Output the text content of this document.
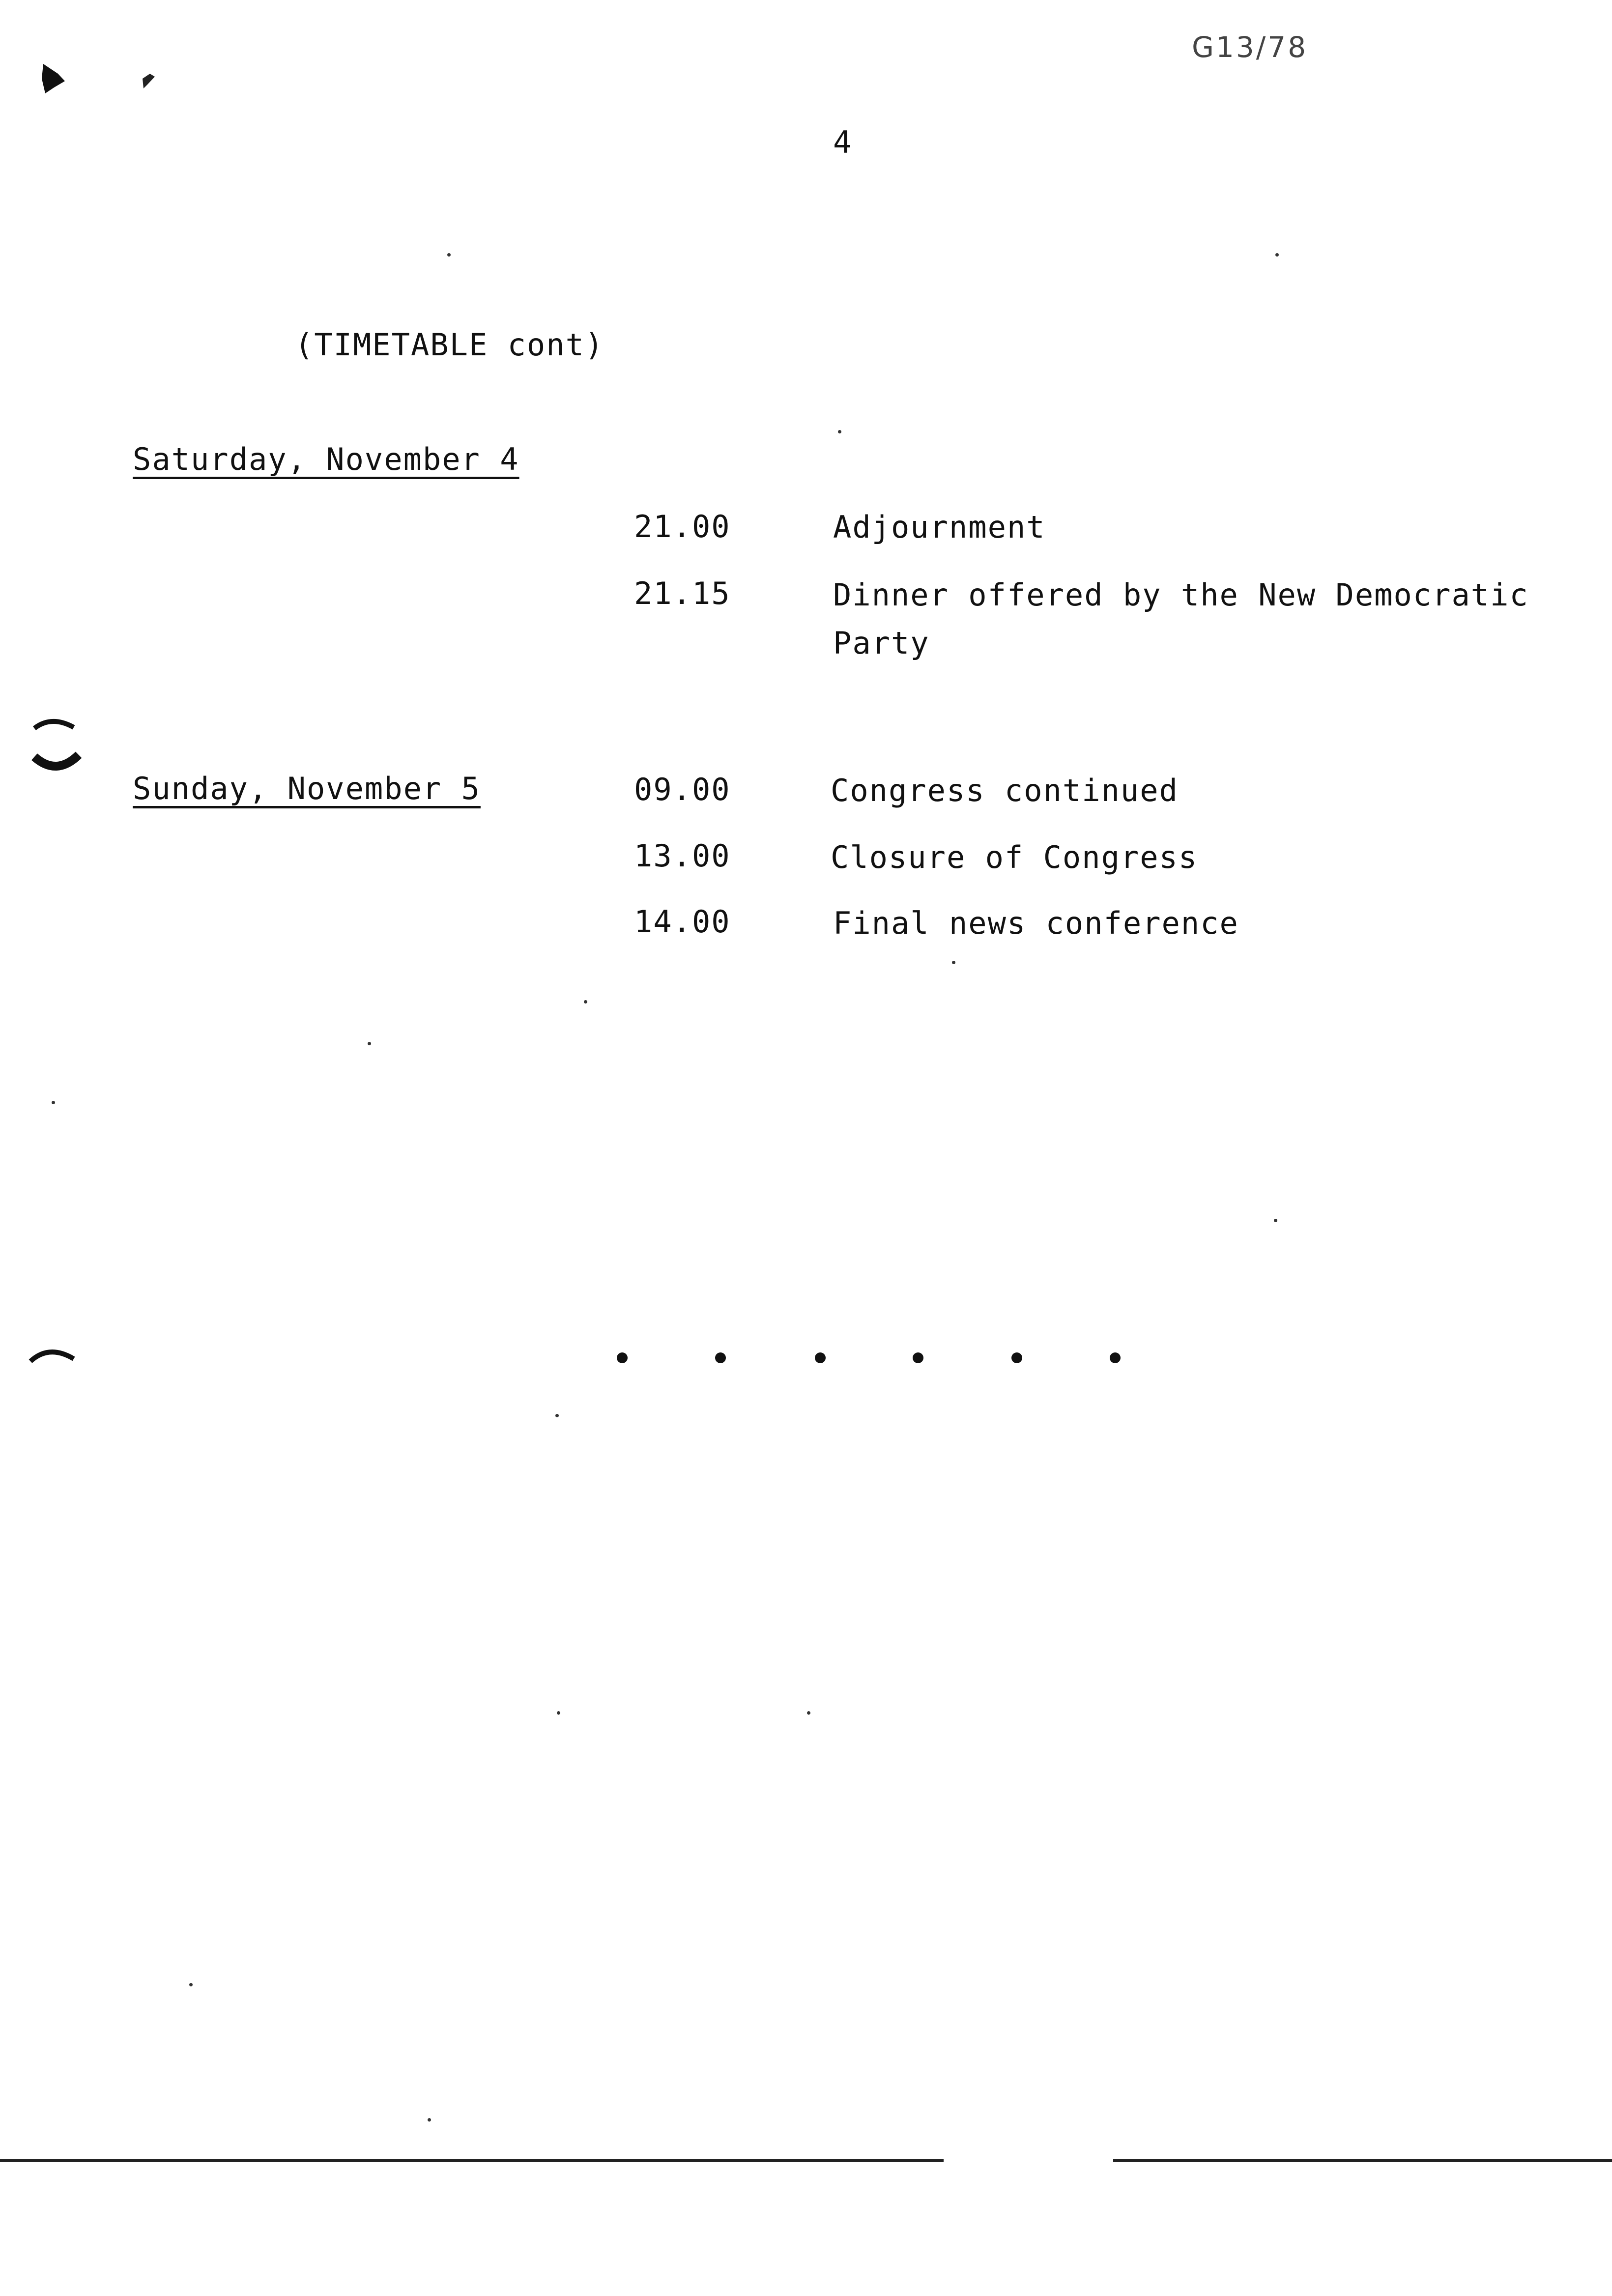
G13/78
4
(TIMETABLE cont)
Saturday, November 4
21.00	Adjournment
21.15	Dinner offered by the New Democratic Party
Sunday, November 5	09.00	Congress continued
13.00	Closure of Congress
14.00	Final news conference
